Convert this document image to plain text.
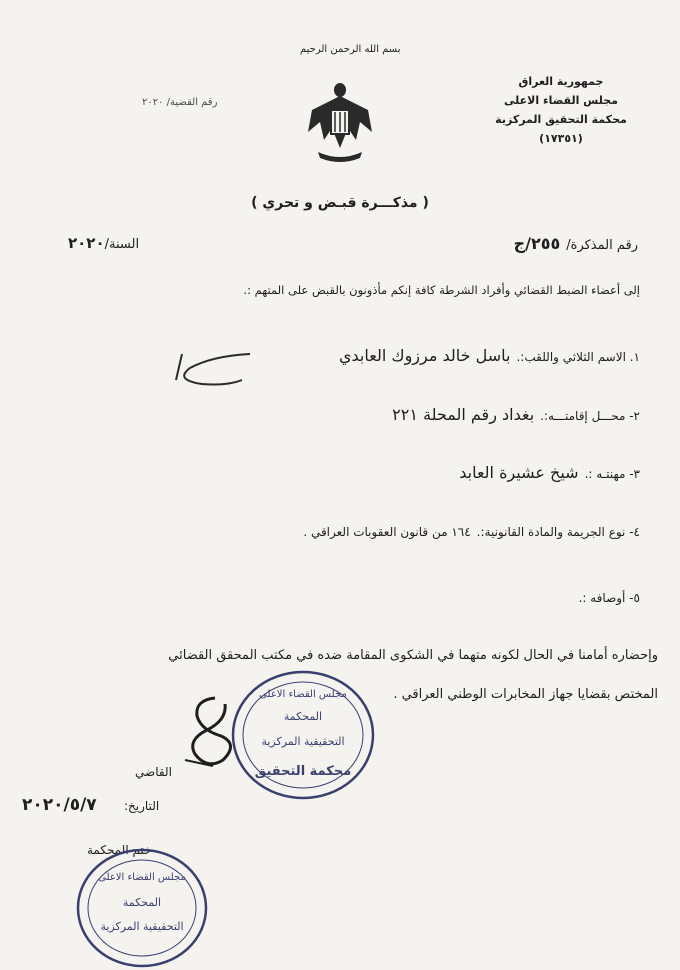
بسم الله الرحمن الرحيم
جمهورية العراق
مجلس القضاء الاعلى
محكمة التحقيق المركزية
(١٧٣٥١)
رقم القضية/ ٢٠٢٠
( مذكـــرة قبـض و تحري )
رقم المذكرة/٢٥٥/ج
السنة/٢٠٢٠
إلى أعضاء الضبط القضائي وأفراد الشرطة كافة إنكم مأذونون بالقبض على المتهم :.
١. الاسم الثلاثي واللقب:.باسل خالد مرزوك العابدي
٢- محـــل إقامتـــه:.بغداد رقم المحلة ٢٢١
٣- مهنتـه :.شيخ عشيرة العابد
٤- نوع الجريمة والمادة القانونية:.١٦٤ من قانون العقوبات العراقي .
٥- أوصافه :.
وإحضاره أمامنا في الحال لكونه متهما في الشكوى المقامة ضده في مكتب المحقق القضائي
المختص بقضايا جهاز المخابرات الوطني العراقي .
مجلس القضاء الاعلى
المحكمة
التحقيقية المركزية
محكمة التحقيق
القاضي
التاريخ:
٢٠٢٠/٥/٧
ختم المحكمة
مجلس القضاء الاعلى
المحكمة
التحقيقية المركزية
